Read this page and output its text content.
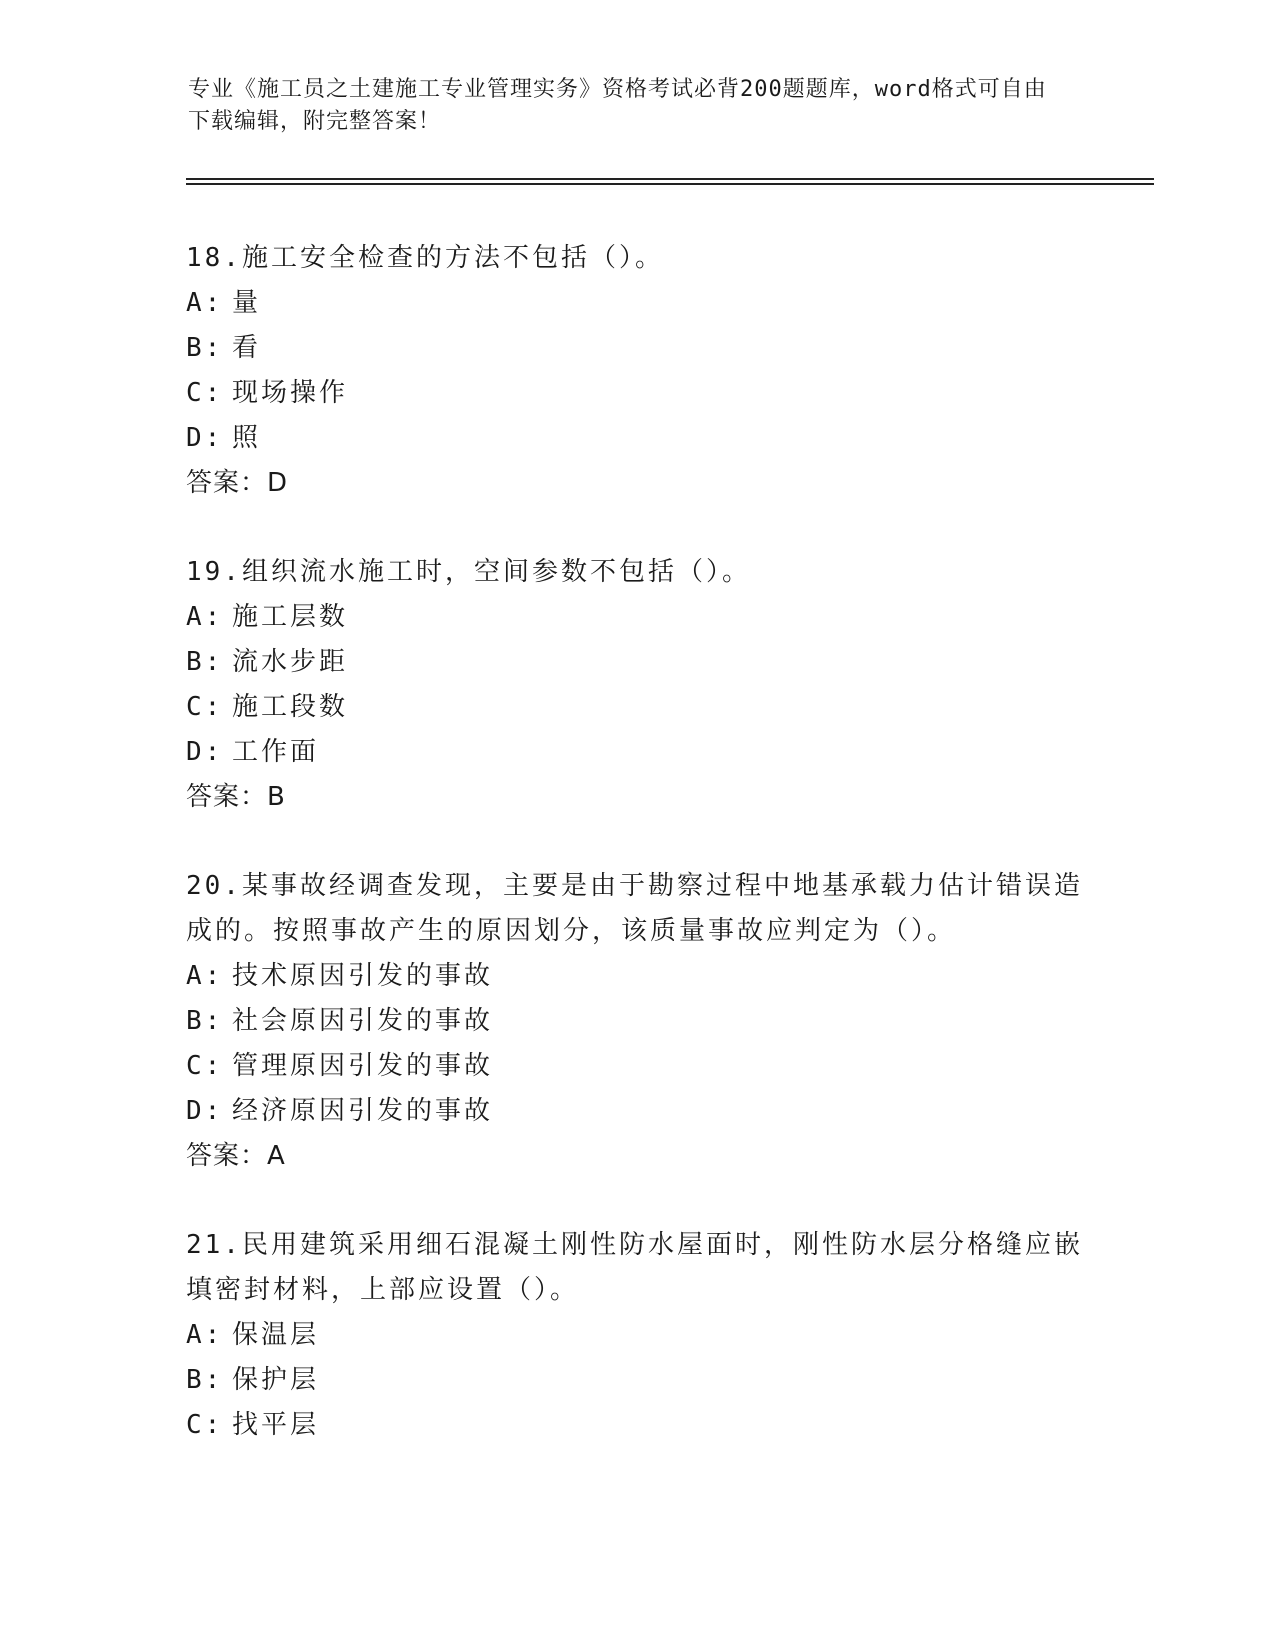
专业《施工员之土建施工专业管理实务》资格考试必背200题题库，word格式可自由下载编辑，附完整答案！

18.施工安全检查的方法不包括（）。

A: 量

B: 看

C: 现场操作

D: 照

答案：D

19.组织流水施工时，空间参数不包括（）。

A: 施工层数

B: 流水步距

C: 施工段数

D: 工作面

答案：B

20.某事故经调查发现，主要是由于勘察过程中地基承载力估计错误造成的。按照事故产生的原因划分，该质量事故应判定为（）。

A: 技术原因引发的事故

B: 社会原因引发的事故

C: 管理原因引发的事故

D: 经济原因引发的事故

答案：A

21.民用建筑采用细石混凝土刚性防水屋面时，刚性防水层分格缝应嵌填密封材料，上部应设置（）。

A: 保温层

B: 保护层

C: 找平层
